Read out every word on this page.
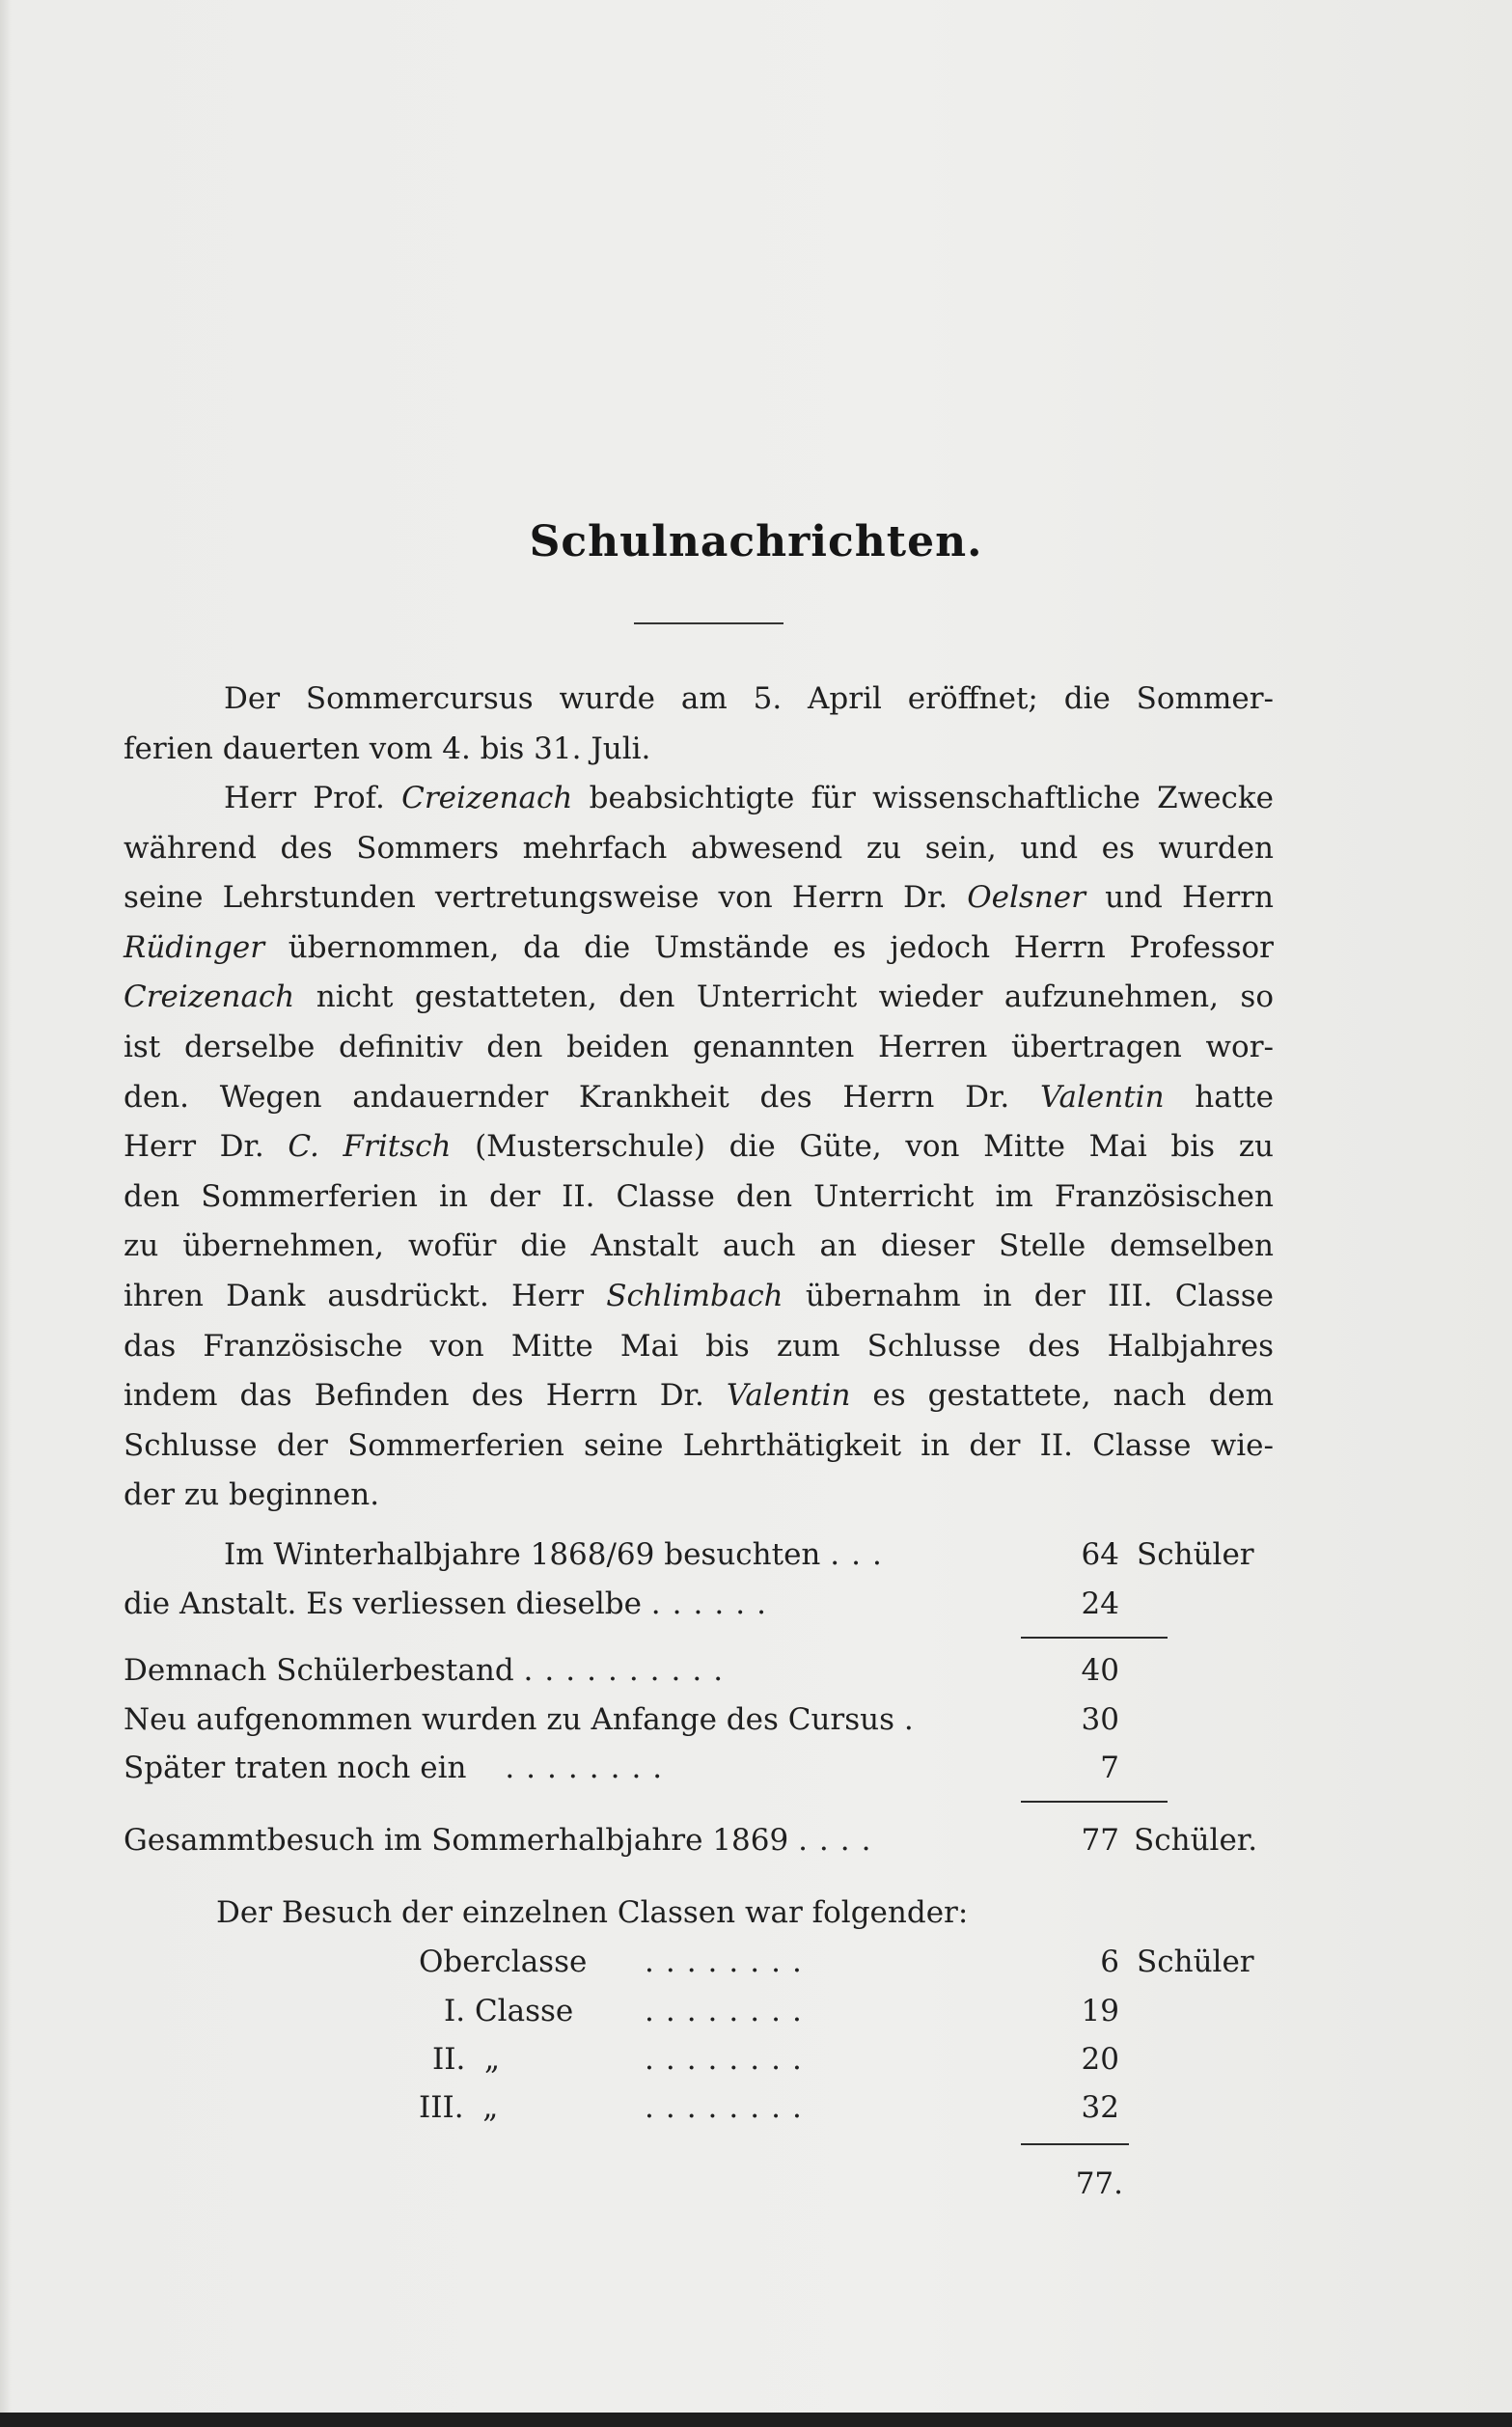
Schulnachrichten.
Der Sommercursus wurde am 5. April eröffnet; die Sommer-
ferien dauerten vom 4. bis 31. Juli.
Herr Prof. Creizenach beabsichtigte für wissenschaftliche Zwecke
während des Sommers mehrfach abwesend zu sein, und es wurden
seine Lehrstunden vertretungsweise von Herrn Dr. Oelsner und Herrn
Rüdinger übernommen, da die Umstände es jedoch Herrn Professor
Creizenach nicht gestatteten, den Unterricht wieder aufzunehmen, so
ist derselbe definitiv den beiden genannten Herren übertragen wor-
den. Wegen andauernder Krankheit des Herrn Dr. Valentin hatte
Herr Dr. C. Fritsch (Musterschule) die Güte, von Mitte Mai bis zu
den Sommerferien in der II. Classe den Unterricht im Französischen
zu übernehmen, wofür die Anstalt auch an dieser Stelle demselben
ihren Dank ausdrückt. Herr Schlimbach übernahm in der III. Classe
das Französische von Mitte Mai bis zum Schlusse des Halbjahres
indem das Befinden des Herrn Dr. Valentin es gestattete, nach dem
Schlusse der Sommerferien seine Lehrthätigkeit in der II. Classe wie-
der zu beginnen.
Im Winterhalbjahre 1868/69 besuchten ...	64 Schüler
die Anstalt. Es verliessen dieselbe ......	24
Demnach Schülerbestand ..........	40
Neu aufgenommen wurden zu Anfange des Cursus .	30
Später traten noch ein ........	7
Gesammtbesuch im Sommerhalbjahre 1869 ....	77 Schüler.
Der Besuch der einzelnen Classen war folgender:
Oberclasse ........	6 Schüler
I. Classe ........	19
II.  „	........	20
III.  „	........	32
77.
